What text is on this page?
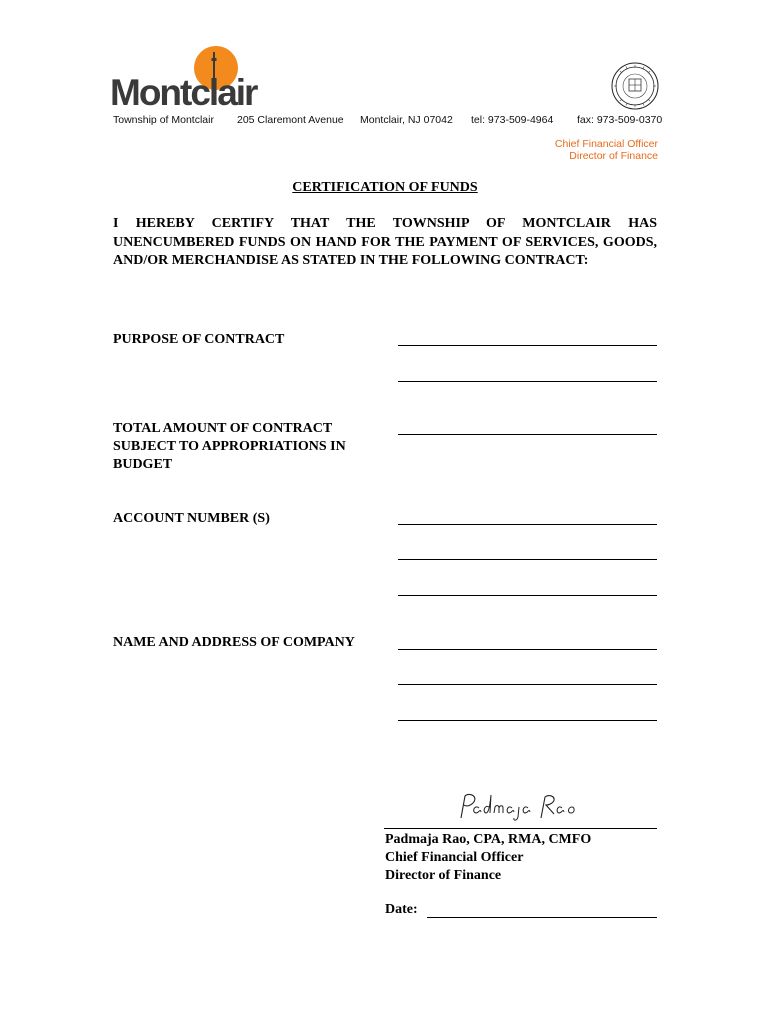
Montclair
Township of Montclair 205 Claremont Avenue Montclair, NJ 07042 tel: 973-509-4964 fax: 973-509-0370
Chief Financial Officer
Director of Finance
CERTIFICATION OF FUNDS
I HEREBY CERTIFY THAT THE TOWNSHIP OF MONTCLAIR HAS UNENCUMBERED FUNDS ON HAND FOR THE PAYMENT OF SERVICES, GOODS, AND/OR MERCHANDISE AS STATED IN THE FOLLOWING CONTRACT:
PURPOSE OF CONTRACT
TOTAL AMOUNT OF CONTRACT
SUBJECT TO APPROPRIATIONS IN
BUDGET
ACCOUNT NUMBER (S)
NAME AND ADDRESS OF COMPANY
Padmaja Rao, CPA, RMA, CMFO
Chief Financial Officer
Director of Finance
Date:
